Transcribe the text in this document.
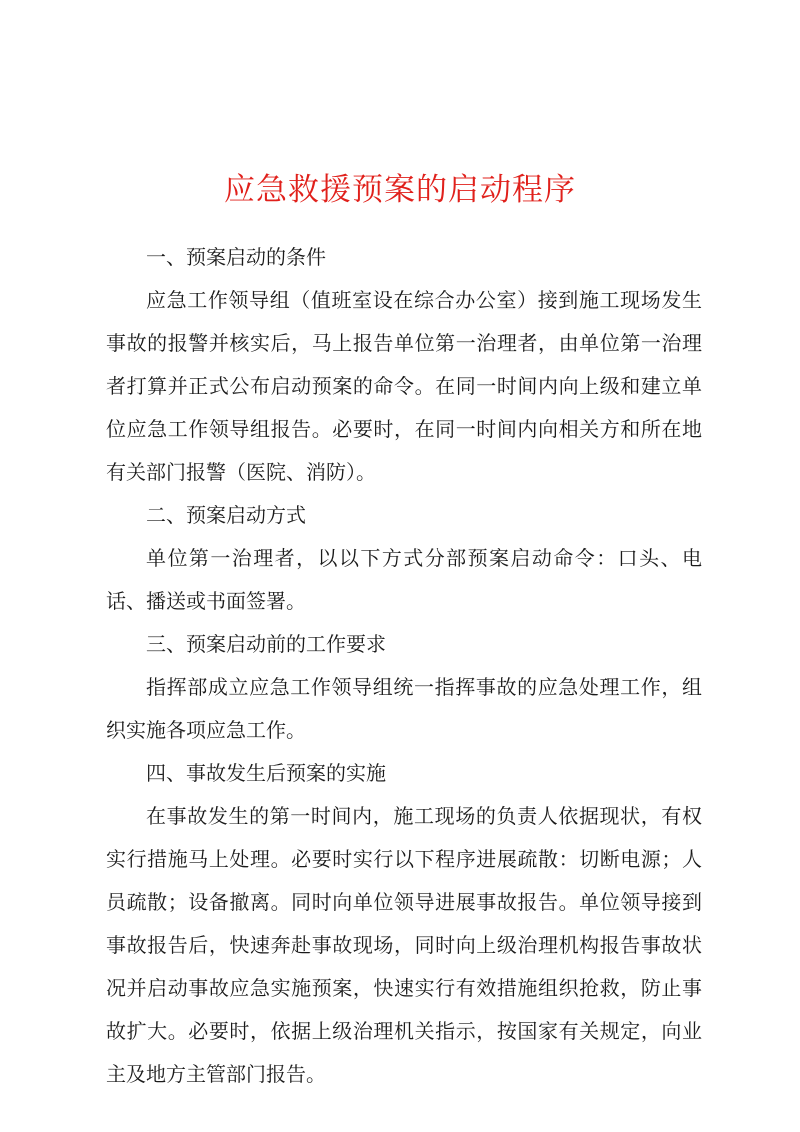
应急救援预案的启动程序

一、预案启动的条件

应急工作领导组（值班室设在综合办公室）接到施工现场发生事故的报警并核实后，马上报告单位第一治理者，由单位第一治理者打算并正式公布启动预案的命令。在同一时间内向上级和建立单位应急工作领导组报告。必要时，在同一时间内向相关方和所在地有关部门报警（医院、消防）。

二、预案启动方式

单位第一治理者，以以下方式分部预案启动命令：口头、电话、播送或书面签署。

三、预案启动前的工作要求

指挥部成立应急工作领导组统一指挥事故的应急处理工作，组织实施各项应急工作。

四、事故发生后预案的实施

在事故发生的第一时间内，施工现场的负责人依据现状，有权实行措施马上处理。必要时实行以下程序进展疏散：切断电源；人员疏散；设备撤离。同时向单位领导进展事故报告。单位领导接到事故报告后，快速奔赴事故现场，同时向上级治理机构报告事故状况并启动事故应急实施预案，快速实行有效措施组织抢救，防止事故扩大。必要时，依据上级治理机关指示，按国家有关规定，向业主及地方主管部门报告。
